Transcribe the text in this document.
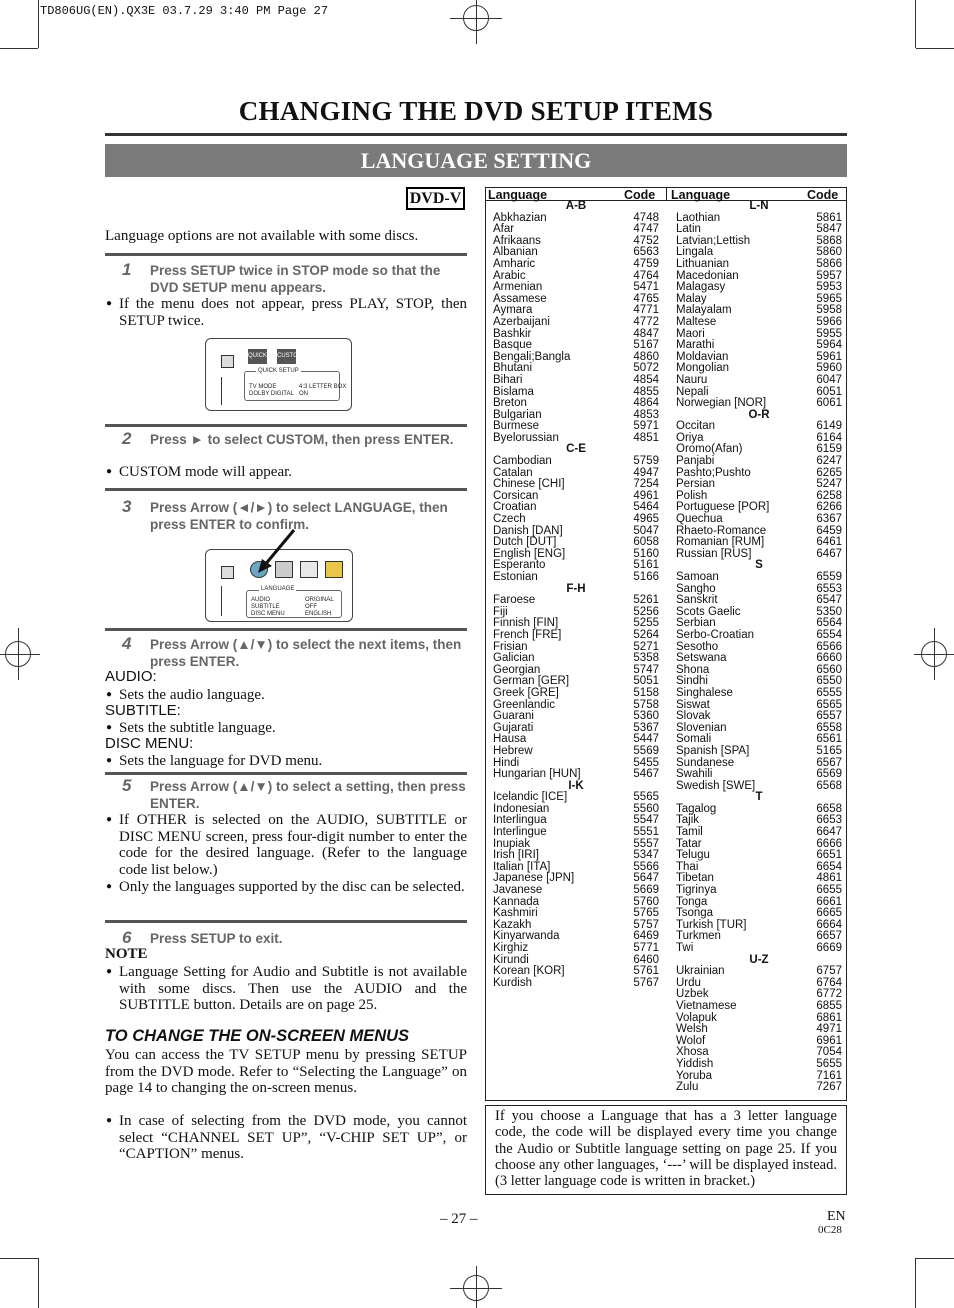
TD806UG(EN).QX3E 03.7.29 3:40 PM Page 27
CHANGING THE DVD SETUP ITEMS
LANGUAGE SETTING
DVD-V
Language options are not available with some discs.
1 Press SETUP twice in STOP mode so that the DVD SETUP menu appears.
● If the menu does not appear, press PLAY, STOP, then SETUP twice.
QUICK CUSTOM
QUICK SETUP
TV MODE	4:3 LETTER BOX
DOLBY DIGITAL ON
2 Press ► to select CUSTOM, then press ENTER.
● CUSTOM mode will appear.
3 Press Arrow (◄/►) to select LANGUAGE, then press ENTER to confirm.
LANGUAGE
AUDIO	ORIGINAL
SUBTITLE	OFF
DISC MENU	ENGLISH
4 Press Arrow (▲/▼) to select the next items, then press ENTER.
AUDIO:
● Sets the audio language.
SUBTITLE:
● Sets the subtitle language.
DISC MENU:
● Sets the language for DVD menu.
5 Press Arrow (▲/▼) to select a setting, then press ENTER.
● If OTHER is selected on the AUDIO, SUBTITLE or DISC MENU screen, press four-digit number to enter the code for the desired language. (Refer to the language code list below.)
● Only the languages supported by the disc can be selected.
6 Press SETUP to exit.
NOTE
● Language Setting for Audio and Subtitle is not available with some discs. Then use the AUDIO and the SUBTITLE button. Details are on page 25.
TO CHANGE THE ON-SCREEN MENUS
You can access the TV SETUP menu by pressing SETUP from the DVD mode. Refer to “Selecting the Language” on page 14 to changing the on-screen menus.
● In case of selecting from the DVD mode, you cannot select “CHANNEL SET UP”, “V-CHIP SET UP”, or “CAPTION” menus.
Language	Code Language	Code
A-B
Abkhazian	4748
Afar	4747
Afrikaans	4752
Albanian	6563
Amharic	4759
Arabic	4764
Armenian	5471
Assamese	4765
Aymara	4771
Azerbaijani	4772
Bashkir	4847
Basque	5167
Bengali;Bangla	4860
Bhutani	5072
Bihari	4854
Bislama	4855
Breton	4864
Bulgarian	4853
Burmese	5971
Byelorussian	4851
C-E
Cambodian	5759
Catalan	4947
Chinese [CHI]	7254
Corsican	4961
Croatian	5464
Czech	4965
Danish [DAN]	5047
Dutch [DUT]	6058
English [ENG]	5160
Esperanto	5161
Estonian	5166
F-H
Faroese	5261
Fiji	5256
Finnish [FIN]	5255
French [FRE]	5264
Frisian	5271
Galician	5358
Georgian	5747
German [GER]	5051
Greek [GRE]	5158
Greenlandic	5758
Guarani	5360
Gujarati	5367
Hausa	5447
Hebrew	5569
Hindi	5455
Hungarian [HUN]	5467
I-K
Icelandic [ICE]	5565
Indonesian	5560
Interlingua	5547
Interlingue	5551
Inupiak	5557
Irish [IRI]	5347
Italian [ITA]	5566
Japanese [JPN]	5647
Javanese	5669
Kannada	5760
Kashmiri	5765
Kazakh	5757
Kinyarwanda	6469
Kirghiz	5771
Kirundi	6460
Korean [KOR]	5761
Kurdish	5767
L-N
Laothian	5861
Latin	5847
Latvian;Lettish	5868
Lingala	5860
Lithuanian	5866
Macedonian	5957
Malagasy	5953
Malay	5965
Malayalam	5958
Maltese	5966
Maori	5955
Marathi	5964
Moldavian	5961
Mongolian	5960
Nauru	6047
Nepali	6051
Norwegian [NOR]	6061
O-R
Occitan	6149
Oriya	6164
Oromo(Afan)	6159
Panjabi	6247
Pashto;Pushto	6265
Persian	5247
Polish	6258
Portuguese [POR]	6266
Quechua	6367
Rhaeto-Romance	6459
Romanian [RUM]	6461
Russian [RUS]	6467
S
Samoan	6559
Sangho	6553
Sanskrit	6547
Scots Gaelic	5350
Serbian	6564
Serbo-Croatian	6554
Sesotho	6566
Setswana	6660
Shona	6560
Sindhi	6550
Singhalese	6555
Siswat	6565
Slovak	6557
Slovenian	6558
Somali	6561
Spanish [SPA]	5165
Sundanese	6567
Swahili	6569
Swedish [SWE]	6568
T
Tagalog	6658
Tajik	6653
Tamil	6647
Tatar	6666
Telugu	6651
Thai	6654
Tibetan	4861
Tigrinya	6655
Tonga	6661
Tsonga	6665
Turkish [TUR]	6664
Turkmen	6657
Twi	6669
U-Z
Ukrainian	6757
Urdu	6764
Uzbek	6772
Vietnamese	6855
Volapuk	6861
Welsh	4971
Wolof	6961
Xhosa	7054
Yiddish	5655
Yoruba	7161
Zulu	7267
If you choose a Language that has a 3 letter language code, the code will be displayed every time you change the Audio or Subtitle language setting on page 25. If you choose any other languages, ‘---’ will be displayed instead. (3 letter language code is written in bracket.)
– 27 –	EN
0C28
